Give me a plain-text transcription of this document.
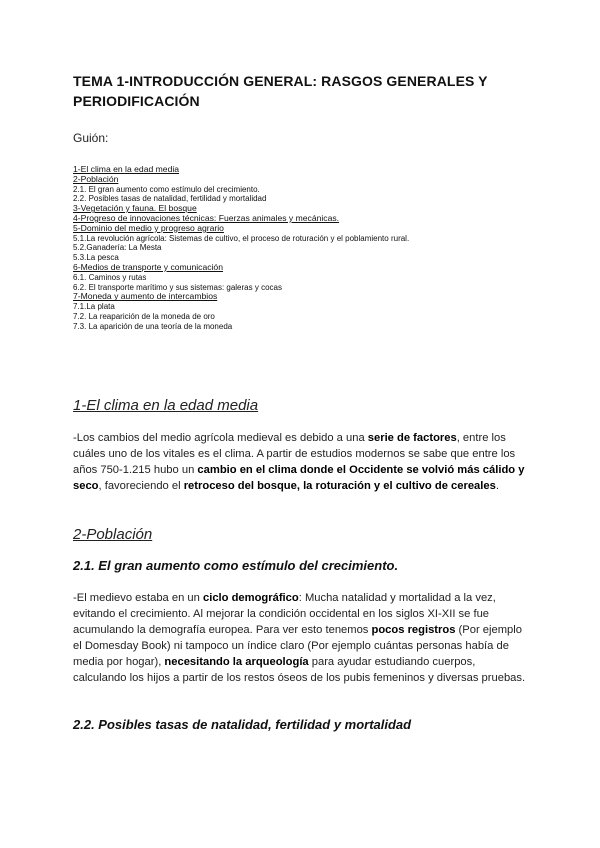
TEMA 1-INTRODUCCIÓN GENERAL: RASGOS GENERALES Y PERIODIFICACIÓN
Guión:
1-El clima en la edad media
2-Población
2.1. El gran aumento como estímulo del crecimiento.
2.2. Posibles tasas de natalidad, fertilidad y mortalidad
3-Vegetación y fauna. El bosque
4-Progreso de innovaciones técnicas: Fuerzas animales y mecánicas.
5-Dominio del medio y progreso agrario
5.1.La revolución agrícola: Sistemas de cultivo, el proceso de roturación y el poblamiento rural.
5.2.Ganadería: La Mesta
5.3.La pesca
6-Medios de transporte y comunicación
6.1. Caminos y rutas
6.2. El transporte marítimo y sus sistemas: galeras y cocas
7-Moneda y aumento de intercambios
7.1.La plata
7.2. La reaparición de la moneda de oro
7.3. La aparición de una teoría de la moneda
1-El clima en la edad media
-Los cambios del medio agrícola medieval es debido a una serie de factores, entre los cuáles uno de los vitales es el clima. A partir de estudios modernos se sabe que entre los años 750-1.215 hubo un cambio en el clima donde el Occidente se volvió más cálido y seco, favoreciendo el retroceso del bosque, la roturación y el cultivo de cereales.
2-Población
2.1. El gran aumento como estímulo del crecimiento.
-El medievo estaba en un ciclo demográfico: Mucha natalidad y mortalidad a la vez, evitando el crecimiento. Al mejorar la condición occidental en los siglos XI-XII se fue acumulando la demografía europea. Para ver esto tenemos pocos registros (Por ejemplo el Domesday Book) ni tampoco un índice claro (Por ejemplo cuántas personas había de media por hogar), necesitando la arqueología para ayudar estudiando cuerpos, calculando los hijos a partir de los restos óseos de los pubis femeninos y diversas pruebas.
2.2. Posibles tasas de natalidad, fertilidad y mortalidad
